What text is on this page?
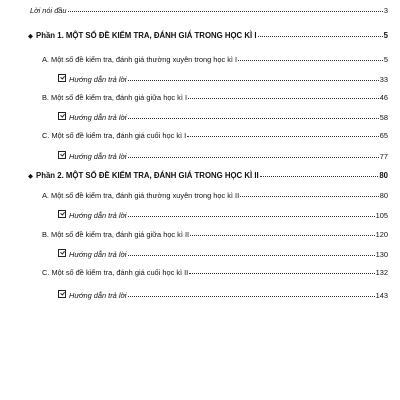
Lời nói đầu	3
◆ Phần 1. MỘT SỐ ĐỀ KIỂM TRA, ĐÁNH GIÁ TRONG HỌC KÌ I	5
A. Một số đề kiểm tra, đánh giá thường xuyên trong học kì I	5
Hướng dẫn trả lời	33
B. Một số đề kiểm tra, đánh giá giữa học kì I	46
Hướng dẫn trả lời	58
C. Một số đề kiểm tra, đánh giá cuối học kì I	65
Hướng dẫn trả lời	77
◆ Phần 2. MỘT SỐ ĐỀ KIỂM TRA, ĐÁNH GIÁ TRONG HỌC KÌ II	80
A. Một số đề kiểm tra, đánh giá thường xuyên trong học kì II	80
Hướng dẫn trả lời	105
B. Một số đề kiểm tra, đánh giá giữa học kì II	120
Hướng dẫn trả lời	130
C. Một số đề kiểm tra, đánh giá cuối học kì II	132
Hướng dẫn trả lời	143
